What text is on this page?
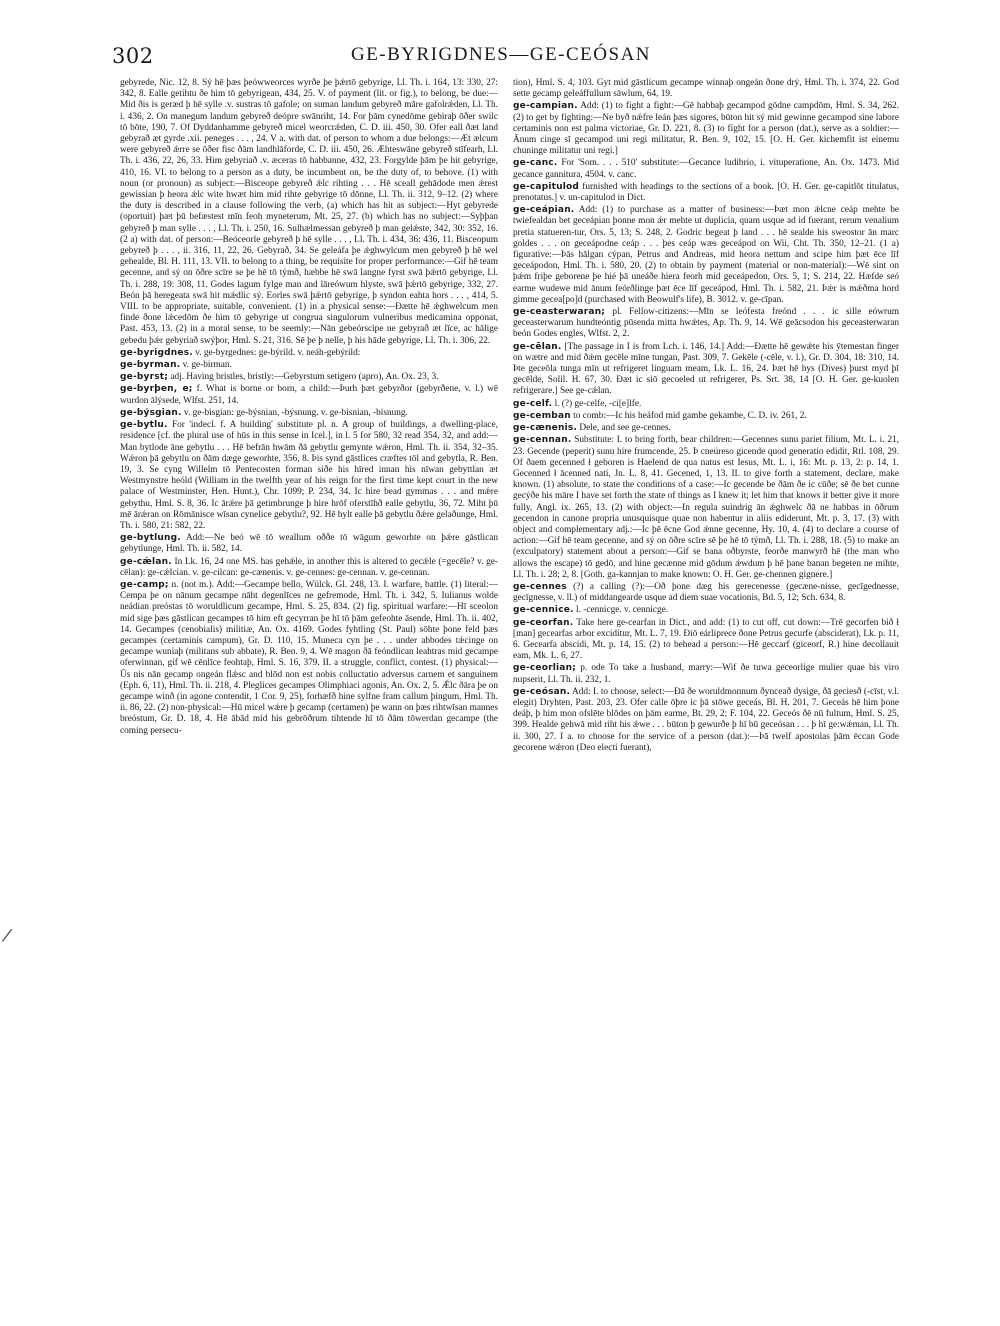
302	GE-BYRIGDNES—GE-CEÓSAN
/

gebyrede, Nic. 12, 8. Sý hē þæs þeówweorces wyrðe þe þǽrtō gebyrige, Ll. Th. i. 164, 13: 330, 27: 342, 8. Ealle getihtu ðe him tō gebyrigean, 434, 25. V. of payment (lit. or fig.), to belong, be due:—Mid ðis is geræd þ hē sylle .v. sustras tō gafole; on suman landum gebyreð māre gafolrǽden, Ll. Th. i. 436, 2. On manegum landum gebyreð deópre swānriht, 14. For þām cynedōme gebiraþ ōðer swilc tō bōte, 190, 7. Of Dyddanhamme gebyreð micel weorcrǽden, C. D. iii. 450, 30. Ofer eall ðæt land gebyrað æt gyrde .xii. peneges . . . , 24. V a. with dat. of person to whom a due belongs:—Æt ælcum were gebyreð ǽrre se ōðer fisc ðām landhlāforde, C. D. iii. 450, 26. Æhteswāne gebyreð stīfearh, Ll. Th. i. 436, 22, 26, 33. Him gebyriað .v. æceras tō habbanne, 432, 23. Forgylde þām þe hit gebyrige, 410, 16. VI. to belong to a person as a duty, be incumbent on, be the duty of, to behove. (1) with noun (or pronoun) as subject:—Bisceope gebyreð ǽlc rihting . . . Hē sceall gehādode men ǽrest gewissian þ heora ǽlc wite hwæt him mid rihte gebyrige tō dōnne, Ll. Th. ii. 312, 9–12. (2) where the duty is described in a clause following the verb, (a) which has hit as subject:—Hyt gebyrede (oportuit) þæt þū befæstest mīn feoh myneterum, Mt. 25, 27. (b) which has no subject:—Syþþan gebyreð þ man sylle . . . , Ll. Th. i. 250, 16. Sulhælmessan gebyreð þ man gelǽste, 342, 30: 352, 16. (2 a) with dat. of person:—Beóceorle gebyreð þ hē sylle . . . , Ll. Th. i. 434, 36: 436, 11. Bisceopum gebyreð þ . . . , ii. 316, 11, 22, 26. Gebyrað, 34. Se geleáfa þe ǽghwylcum men gebyreð þ hē wel gehealde, Bl. H. 111, 13. VII. to belong to a thing, be requisite for proper performance:—Gif hē team gecenne, and sý on ōðre scīre se þe hē tō týmð, hæbbe hē swā langne fyrst swā þǽrtō gebyrige, Ll. Th. i. 288, 19: 308, 11. Godes lagum fylge man and lāreówum hlyste, swā þǽrtō gebyrige, 332, 27. Beón þā heregeata swā hit mǽdlic sý. Eorles swā þǽrtō gebyrige, þ syndon eahta hors . . . , 414, 5. VIII. to be appropriate, suitable, convenient. (1) in a physical sense:—Ðætte hē ǽghwelcum men finde ðone lǽcedōm ðe him tō gebyrige ut congrua singulorum vulneribus medicamina opponat, Past. 453, 13. (2) in a moral sense, to be seemly:—Nān gebeórscipe ne gebyrað æt līce, ac hālige gebedu þǽr gebyriað swýþor, Hml. S. 21, 316. Sē þe þ nelle, þ his hāde gebyrige, Ll. Th. i. 306, 22.

ge-byrigdnes. v. ge-byrgednes: ge-býrild. v. neáh-gebýrild:

ge-byrman. v. ge-birman.

ge-byrst; adj. Having bristles, bristly:—Gebyrstum setigero (apro), An. Ox. 23, 3.

ge-byrþen, e; f. What is borne or born, a child:—Þurh þæt gebyrðor (gebyrðene, v. l.) wē wurdon ālýsede, Wlfst. 251, 14.

ge-býsgian. v. ge-bisgian: ge-býsnian, -býsnung. v. ge-bisnian, -bisnung.

ge-bytlu. For 'indecl. f. A building' substitute pl. n. A group of buildings, a dwelling-place, residence [cf. the plural use of hūs in this sense in Icel.], in l. 5 for 580, 32 read 354, 32, and add:—Man bytlode āne gebytlu . . . Hē befrān hwām ðā gebytlu gemynte wǽron, Hml. Th. ii. 354, 32–35. Wǽron þā gebytlu on ðām dæge geworhte, 356, 8. Þis synd gāstlices cræftes tōl and gebytla, R. Ben. 19, 3. Se cyng Willelm tō Pentecosten forman siðe his hīred innan his nīwan gebyttlan æt Westmynstre heóld (William in the twelfth year of his reign for the first time kept court in the new palace of Westminster, Hen. Hunt.), Chr. 1099; P. 234, 34. Ic hire bead gymmas . . . and mǽre gebythu, Hml. S. 8, 36. Ic ārǽre þā getimbrunge þ hire hrōf oferstīhð ealle gebytlu, 36, 72. Miht þū mē ārǽran on Rōmānisce wīsan cynelice gebytlu?, 92. Hē hylt ealle þā gebytlu ðǽre gelaðunge, Hml. Th. i. 580, 21: 582, 22.

ge-bytlung. Add:—Ne beó wē tō weallum oððe tō wāgum geworhte on þǽre gāstlican gebytlunge, Hml. Th. ii. 582, 14.

ge-cǽlan. In Lk. 16, 24 one MS. has gehǽle, in another this is altered to gecǽle (=gecēle? v. ge-cēlan): ge-cǽlcian. v. ge-cilcan: ge-cænenis. v. ge-cennes: ge-cennan. v. ge-cennan.

ge-camp; n. (not m.). Add:—Gecampe bello, Wülck. Gl. 248, 13. I. warfare, battle. (1) literal:—Cempa þe on nānum gecampe nāht degenlīces ne gefremode, Hml. Th. i. 342, 5. Iulianus wolde neádian preóstas tō woruldlicum gecampe, Hml. S. 25, 834. (2) fig. spiritual warfare:—Hī sceolon mid sige þæs gāstlican gecampes tō him eft gecyrran þe hī tō þām gefeohte āsende, Hml. Th. ii. 402, 14. Gecampes (cenobialis) militiæ, An. Ox. 4169. Godes fyhtling (St. Paul) sōhte þone feld þæs gecampes (certaminis campum), Gr. D. 110, 15. Muneca cyn þe . . . under abbodes tǽcinge on gecampe wuniaþ (militans sub abbate), R. Ben. 9, 4. Wē magon ðā feóndlican leahtras mid gecampe oferwinnan, gif wē cēnlīce feohtaþ, Hml. S. 16, 379. II. a struggle, conflict, contest. (1) physical:—Ūs nis nān gecamp ongeán flǽsc and blōd non est nobis colluctatio adversus carnem et sanguinem (Eph. 6, 11), Hml. Th. ii. 218, 4. Pleglices gecampes Olimphiaci agonis, An. Ox. 2, 5. Ǽlc ðāra þe on gecampe winð (in agone contendit, 1 Cor. 9, 25), forhæfð hine sylfne fram callum þingum, Hml. Th. ii. 86, 22. (2) non-physical:—Hū micel wǽre þ gecamp (certamen) þe wann on þæs rihtwīsan mannes breóstum, Gr. D. 18, 4. Hē ābād mid his gebrōðrum tihtende hī tō ðām tōwerdan gecampe (the coming persecu-

tion), Hml. S. 4, 103. Gyt mid gāstlicum gecampe winnaþ ongeán ðone drý, Hml. Th. i. 374, 22. God sette gecamp geleáffullum sāwlum, 64, 19.

ge-campian. Add: (1) to fight a fight:—Gē habbaþ gecampod gōdne campdōm, Hml. S. 34, 262. (2) to get by fighting:—Ne byð nǽfre leán þæs sigores, būton hit sý mid gewinne gecampod sine labore certaminis non est palma victoriae, Gr. D. 221, 8. (3) to fight for a person (dat.), serve as a soldier:—Ānum cinge sī gecampod uni regi militatur, R. Ben. 9, 102, 15. [O. H. Ger. kichemfit ist einemu chuninge militatur uni regi.]

ge-canc. For 'Som. . . . 510' substitute:—Gecance ludibrio, i. vituperatione, An. Ox. 1473. Mid gecance gannitura, 4504. v. canc.

ge-capitulod furnished with headings to the sections of a book. [O. H. Ger. ge-capitlōt titulatus, prenotatus.] v. un-capitulod in Dict.

ge-ceápian. Add: (1) to purchase as a matter of business:—Þæt mon ǽlcne ceáp mehte be twiefealdan bet geceápian þonne mon ǽr mehte ut duplicia, quam usque ad id fuerant, rerum venalium pretia statueren-tur, Ors. 5, 13; S. 248, 2. Godric begeat þ land . . . hē sealde his sweostor ān marc goldes . . . on geceápodne ceáp . . . þes ceáp wæs geceápod on Wii, Cht. Th. 350, 12–21. (1 a) figurative:—Þās hālgan cýpan, Petrus and Andreas, mid heora nettum and scipe him þæt ēce līf geceápodon, Hml. Th. i. 580, 20. (2) to obtain by payment (material or non-material):—Wē sint on þǽm friþe geborene þe hié þā uneáðe hiera feorh mid geceápedon, Ors. 5, 1; S. 214, 22. Hæfde seó earme wudewe mid ānum feórðlinge þæt ēce līf geceápod, Hml. Th. i. 582, 21. Þǽr is mǽðma hord gimme gecea[po]d (purchased with Beowulf's life), B. 3012. v. ge-cīpan.

ge-ceasterwaran; pl. Fellow-citizens:—Mīn se leófesta freónd . . . ic sille eówrum geceasterwarum hundteóntig pūsenda mitta hwǽtes, Ap. Th. 9, 14. Wē geācsodon his geceasterwaran beón Godes engles, Wlfst. 2, 2.

ge-cēlan. [The passage in I is from Lch. i. 146, 14.] Add:—Ðætte hē gewǽte his ȳtemestan finger on wætre and mid ðǽm gecēle mīne tungan, Past. 309, 7. Gekēle (-cēle, v. l.), Gr. D. 304, 18: 310, 14. Þte geceōla tunga mīn ut refrigeret linguam meam, Lk. L. 16, 24. Þæt hē hys (Dives) þurst myd þī gecēlde, Solil. H. 67, 30. Ðæt ic siō gecoeled ut refrigerer, Ps. Srt. 38, 14 [O. H. Ger. ge-kuolen refrigerare.] See ge-cǽlan.

ge-celf. l. (?) ge-celfe, -ci[e]lfe.

ge-cemban to comb:—Ic his heáfod mid gambe gekambe, C. D. iv. 261, 2.

ge-cænenis. Dele, and see ge-cennes.

ge-cennan. Substitute: I. to bring forth, bear children:—Gecennes sunu pariet filium, Mt. L. i. 21, 23. Gecende (peperit) sunu hire frumcende, 25. Þ cneúreso gicende quod generatio edidit, Rtl. 108, 29. Of ðaem gecenned ł geboren is Haelend de qua natus est Iesus, Mt. L. i, 16: Mt. p. 13, 2: p. 14, 1. Gecenned ł ācenned nati, Jn. L. 8, 41. Gecened, 1, 13. II. to give forth a statement, declare, make known. (1) absolute, to state the conditions of a case:—Ic gecende be ðām ðe ic cūðe; sē ðe bet cunne gecýðe his māre I have set forth the state of things as I knew it; let him that knows it better give it more fully, Angl. ix. 265, 13. (2) with object:—In regula suindrig ān ǽghwelc ðā ne habbas in ōðrum gecendon in canone propria unusquisque quae non habentur in aliis ediderunt, Mt. p. 3, 17. (3) with object and complementary adj.:—Ic þē ēcne God ǽnne gecenne, Hy. 10, 4. (4) to declare a course of action:—Gif hē team gecenne, and sý on ōðre scīre sē þe hē tō týmð, Ll. Th. i. 288, 18. (5) to make an (exculpatory) statement about a person:—Gif se bana oðbyrste, feorðe manwyrð hē (the man who allows the escape) tō gedō, and hine gecænne mid gōdum ǽwdum þ hē þane banan begeten ne mihte, Ll. Th. i. 28; 2, 8. [Goth. ga-kannjan to make known: O. H. Ger. ge-chennen gignere.]

ge-cennes (?) a calling (?):—Oð þone dæg his gerecenesse (gecæne-nisse, gecīgednesse, gecīgnesse, v. ll.) of middangearde usque ad diem suae vocationis, Bd. 5, 12; Sch. 634, 8.

ge-cennice. l. -cennicge. v. cennicge.

ge-ceorfan. Take here ge-cearfan in Dict., and add: (1) to cut off, cut down:—Trē gecorfen bið ł [man] gecearfas arbor exciditur, Mt. L. 7, 19. Ðiō eárliprece ðone Petrus gecurfe (absciderat), Lk. p. 11, 6. Gecearfa abscidi, Mt. p. 14, 15. (2) to behead a person:—Hē geccarf (giceorf, R.) hine decollauit eam, Mk. L. 6, 27.

ge-ceorlian; p. ode To take a husband, marry:—Wif ðe tuwa geceorlige mulier quae bis viro nupserit, Ll. Th. ii. 232, 1.

ge-ceósan. Add: I. to choose, select:—Ðā ðe woruldmonnum ðynceað dysige, ðā geciesð (-cīst, v.l. elegit) Dryhten, Past. 203, 23. Ofer calle ōþre ic þā stōwe geceás, Bl. H. 201, 7. Geceás hē him þone deáþ, þ him mon ofslēte blōdes on þām earme, Bt. 29, 2; F. 104, 22. Geceós ðē nū fultum, Hml. S. 25, 399. Healde gehwā mid riht his ǽwe . . . būton þ gewurðe þ hī bū geceósan . . . þ hī ge:wǽman, Ll. Th. ii. 300, 27. I a. to choose for the service of a person (dat.):—Þā twelf apostolas þām ēccan Gode gecorene wǽron (Deo electi fuerant),
